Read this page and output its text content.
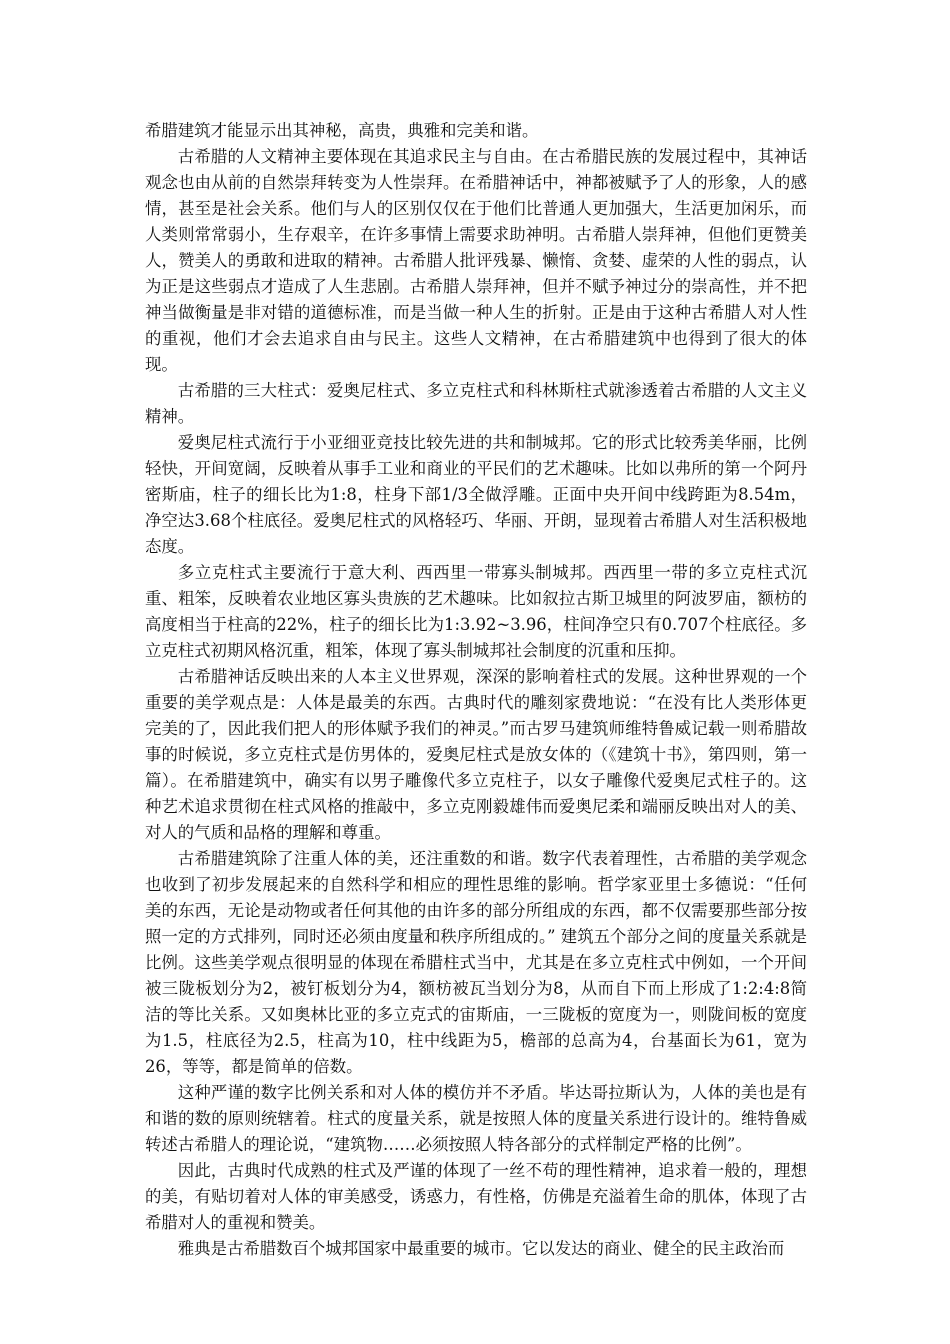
希腊建筑才能显示出其神秘，高贵，典雅和完美和谐。

古希腊的人文精神主要体现在其追求民主与自由。在古希腊民族的发展过程中，其神话观念也由从前的自然崇拜转变为人性崇拜。在希腊神话中，神都被赋予了人的形象，人的感情，甚至是社会关系。他们与人的区别仅仅在于他们比普通人更加强大，生活更加闲乐，而人类则常常弱小，生存艰辛，在许多事情上需要求助神明。古希腊人崇拜神，但他们更赞美人，赞美人的勇敢和进取的精神。古希腊人批评残暴、懒惰、贪婪、虚荣的人性的弱点，认为正是这些弱点才造成了人生悲剧。古希腊人崇拜神，但并不赋予神过分的崇高性，并不把神当做衡量是非对错的道德标准，而是当做一种人生的折射。正是由于这种古希腊人对人性的重视，他们才会去追求自由与民主。这些人文精神，在古希腊建筑中也得到了很大的体现。

古希腊的三大柱式：爱奥尼柱式、多立克柱式和科林斯柱式就渗透着古希腊的人文主义精神。

爱奥尼柱式流行于小亚细亚竞技比较先进的共和制城邦。它的形式比较秀美华丽，比例轻快，开间宽阔，反映着从事手工业和商业的平民们的艺术趣味。比如以弗所的第一个阿丹密斯庙，柱子的细长比为1:8，柱身下部1/3全做浮雕。正面中央开间中线跨距为8.54m，净空达3.68个柱底径。爱奥尼柱式的风格轻巧、华丽、开朗，显现着古希腊人对生活积极地态度。

多立克柱式主要流行于意大利、西西里一带寡头制城邦。西西里一带的多立克柱式沉重、粗笨，反映着农业地区寡头贵族的艺术趣味。比如叙拉古斯卫城里的阿波罗庙，额枋的高度相当于柱高的22%，柱子的细长比为1:3.92~3.96，柱间净空只有0.707个柱底径。多立克柱式初期风格沉重，粗笨，体现了寡头制城邦社会制度的沉重和压抑。

古希腊神话反映出来的人本主义世界观，深深的影响着柱式的发展。这种世界观的一个重要的美学观点是：人体是最美的东西。古典时代的雕刻家费地说：“在没有比人类形体更完美的了，因此我们把人的形体赋予我们的神灵。”而古罗马建筑师维特鲁威记载一则希腊故事的时候说，多立克柱式是仿男体的，爱奥尼柱式是放女体的（《建筑十书》，第四则，第一篇）。在希腊建筑中，确实有以男子雕像代多立克柱子，以女子雕像代爱奥尼式柱子的。这种艺术追求贯彻在柱式风格的推敲中，多立克刚毅雄伟而爱奥尼柔和端丽反映出对人的美、对人的气质和品格的理解和尊重。

古希腊建筑除了注重人体的美，还注重数的和谐。数字代表着理性，古希腊的美学观念也收到了初步发展起来的自然科学和相应的理性思维的影响。哲学家亚里士多德说：“任何美的东西，无论是动物或者任何其他的由许多的部分所组成的东西，都不仅需要那些部分按照一定的方式排列，同时还必须由度量和秩序所组成的。” 建筑五个部分之间的度量关系就是比例。这些美学观点很明显的体现在希腊柱式当中，尤其是在多立克柱式中例如，一个开间被三陇板划分为2，被钉板划分为4，额枋被瓦当划分为8，从而自下而上形成了1:2:4:8简洁的等比关系。又如奥林比亚的多立克式的宙斯庙，一三陇板的宽度为一，则陇间板的宽度为1.5，柱底径为2.5，柱高为10，柱中线距为5，檐部的总高为4，台基面长为61，宽为26，等等，都是简单的倍数。

这种严谨的数字比例关系和对人体的模仿并不矛盾。毕达哥拉斯认为，人体的美也是有和谐的数的原则统辖着。柱式的度量关系，就是按照人体的度量关系进行设计的。维特鲁威转述古希腊人的理论说，“建筑物……必须按照人特各部分的式样制定严格的比例”。

因此，古典时代成熟的柱式及严谨的体现了一丝不苟的理性精神，追求着一般的，理想的美，有贴切着对人体的审美感受，诱惑力，有性格，仿佛是充溢着生命的肌体，体现了古希腊对人的重视和赞美。

雅典是古希腊数百个城邦国家中最重要的城市。它以发达的商业、健全的民主政治而
